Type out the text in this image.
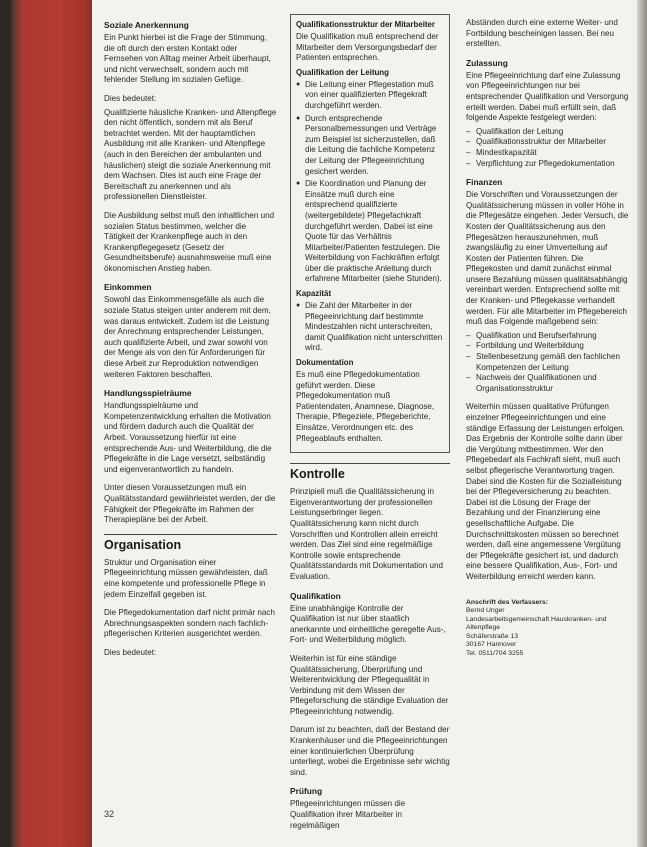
Soziale Anerkennung

Ein Punkt hierbei ist die Frage der Stimmung, die oft durch den ersten Kontakt oder Fernsehen von Alltag meiner Arbeit überhaupt, und nicht verwechselt, sondern auch mit fehlender Stellung im sozialen Gefüge.

Dies bedeutet:

Qualifizierte häusliche Kranken- und Altenpflege den nicht öffentlich, sondern mit als Beruf betrachtet werden. Mit der hauptamtlichen Ausbildung mit alle Kranken- und Altenpflege (auch in den Bereichen der ambulanten und häuslichen) steigt die soziale Anerkennung mit dem Wachsen. Dies ist auch eine Frage der Bereitschaft zu anerkennen und als professionellen Dienstleister.

Die Ausbildung selbst muß den inhaltlichen und sozialen Status bestimmen, welcher die Tätigkeit der Krankenpflege auch in den Krankenpflegegesetz (Gesetz der Gesundheitsberufe) ausnahmsweise muß eine ökonomischen Anstieg haben.

Einkommen

Sowohl das Einkommensgefälle als auch die soziale Status steigen unter anderem mit dem, was daraus entwickelt. Zudem ist die Leistung der Anrechnung entsprechender Leistungen, auch qualifizierte Arbeit, und zwar sowohl von der Menge als von den für Anforderungen für diese Arbeit zur Reproduktion notwendigen weiteren Faktoren beschaffen.

Handlungsspielräume

Handlungsspielräume und Kompetenzentwicklung erhalten die Motivation und fördern dadurch auch die Qualität der Arbeit. Voraussetzung hierfür ist eine entsprechende Aus- und Weiterbildung, die die Pflegekräfte in die Lage versetzt, selbständig und eigenverantwortlich zu handeln.

Unter diesen Voraussetzungen muß ein Qualitätsstandard gewährleistet werden, der die Fähigkeit der Pflegekräfte im Rahmen der Therapiepläne bei der Arbeit.

Organisation

Struktur und Organisation einer Pflegeeinrichtung müssen gewährleisten, daß eine kompetente und professionelle Pflege in jedem Einzelfall gegeben ist.

Die Pflegedokumentation darf nicht primär nach Abrechnungsaspekten sondern nach fachlich-pflegerischen Kriterien ausgerichtet werden.

Dies bedeutet:

Qualifikationsstruktur der Mitarbeiter

Die Qualifikation muß entsprechend der Mitarbeiter dem Versorgungsbedarf der Patienten entsprechen.

Qualifikation der Leitung
● Die Leitung einer Pflegestation muß von einer qualifizierten Pflegekraft durchgeführt werden.
● Durch entsprechende Personalbemessungen und Verträge zum Beispiel ist sicherzustellen, daß die Leitung die fachliche Kompetenz der Leitung der Pflegeeinrichtung gesichert werden.
● Die Koordination und Planung der Einsätze muß durch eine entsprechend qualifizierte (weitergebildete) Pflegefachkraft durchgeführt werden. Dabei ist eine Quote für das Verhältnis Mitarbeiter/Patienten festzulegen. Die Weiterbildung von Fachkräften erfolgt über die praktische Anleitung durch erfahrene Mitarbeiter (siehe Stunden).
Kapazität
● Die Zahl der Mitarbeiter in der Pflegeeinrichtung darf bestimmte Mindestzahlen nicht unterschreiten, damit Qualifikation nicht unterschritten wird.
Dokumentation

Es muß eine Pflegedokumentation geführt werden. Diese Pflegedokumentation muß Patientendaten, Anamnese, Diagnose, Therapie, Pflegeziele, Pflegeberichte, Einsätze, Verordnungen etc. des Pflegeablaufs enthalten.

Kontrolle

Prinzipiell muß die Qualitätssicherung in Eigenverantwortung der professionellen Leistungserbringer liegen. Qualitätssicherung kann nicht durch Vorschriften und Kontrollen allein erreicht werden. Das Ziel sind eine regelmäßige Kontrolle sowie entsprechende Qualitätsstandards mit Dokumentation und Evaluation.

Qualifikation

Eine unabhängige Kontrolle der Qualifikation ist nur über staatlich anerkannte und einheitliche geregelte Aus-, Fort- und Weiterbildung möglich.

Weiterhin ist für eine ständige Qualitätssicherung, Überprüfung und Weiterentwicklung der Pflegequalität in Verbindung mit dem Wissen der Pflegeforschung die ständige Evaluation der Pflegeeinrichtung notwendig.

Darum ist zu beachten, daß der Bestand der Krankenhäuser und die Pflegeeinrichtungen einer kontinuierlichen Überprüfung unterliegt, wobei die Ergebnisse sehr wichtig sind.

Prüfung

Pflegeeinrichtungen müssen die Qualifikation ihrer Mitarbeiter in regelmäßigen

Abständen durch eine externe Weiter- und Fortbildung bescheinigen lassen. Bei neu erstellten.

Zulassung

Eine Pflegeeinrichtung darf eine Zulassung von Pflegeeinrichtungen nur bei entsprechender Qualifikation und Versorgung erteilt werden. Dabei muß erfüllt sein, daß folgende Aspekte festgelegt werden:

– Qualifikation der Leitung
– Qualifikationsstruktur der Mitarbeiter
– Mindestkapazität
– Verpflichtung zur Pflegedokumentation
Finanzen

Die Vorschriften und Voraussetzungen der Qualitätssicherung müssen in voller Höhe in die Pflegesätze eingehen. Jeder Versuch, die Kosten der Qualitätssicherung aus den Pflegesätzen herauszunehmen, muß zwangsläufig zu einer Umverteilung auf Kosten der Patienten führen. Die Pflegekosten und damit zunächst einmal unsere Bezahlung müssen qualitätsabhängig vereinbart werden. Entsprechend sollte mit der Kranken- und Pflegekasse verhandelt werden. Für alle Mitarbeiter im Pflegebereich muß das Folgende maßgebend sein:

– Qualifikation und Berufserfahrung
– Fortbildung und Weiterbildung
– Stellenbesetzung gemäß den fachlichen Kompetenzen der Leitung
– Nachweis der Qualifikationen und Organisationsstruktur

Weiterhin müssen qualitative Prüfungen einzelner Pflegeeinrichtungen und eine ständige Erfassung der Leistungen erfolgen. Das Ergebnis der Kontrolle sollte dann über die Vergütung mitbestimmen. Wer den Pflegebedarf als Fachkraft sieht, muß auch selbst pflegerische Verantwortung tragen. Dabei sind die Kosten für die Sozialleistung bei der Pflegeversicherung zu beachten. Dabei ist die Lösung der Frage der Bezahlung und der Finanzierung eine gesellschaftliche Aufgabe. Die Durchschnittskosten müssen so berechnet werden, daß eine angemessene Vergütung der Pflegekräfte gesichert ist, und dadurch eine bessere Qualifikation, Aus-, Fort- und Weiterbildung erreicht werden kann.

Anschrift des Verfassers:
Bernd Unger
Landesarbeitsgemeinschaft Hauskranken- und Altenpflege
Schäferstraße 13
30167 Hannover
Tel. 0511/704 3255
32
